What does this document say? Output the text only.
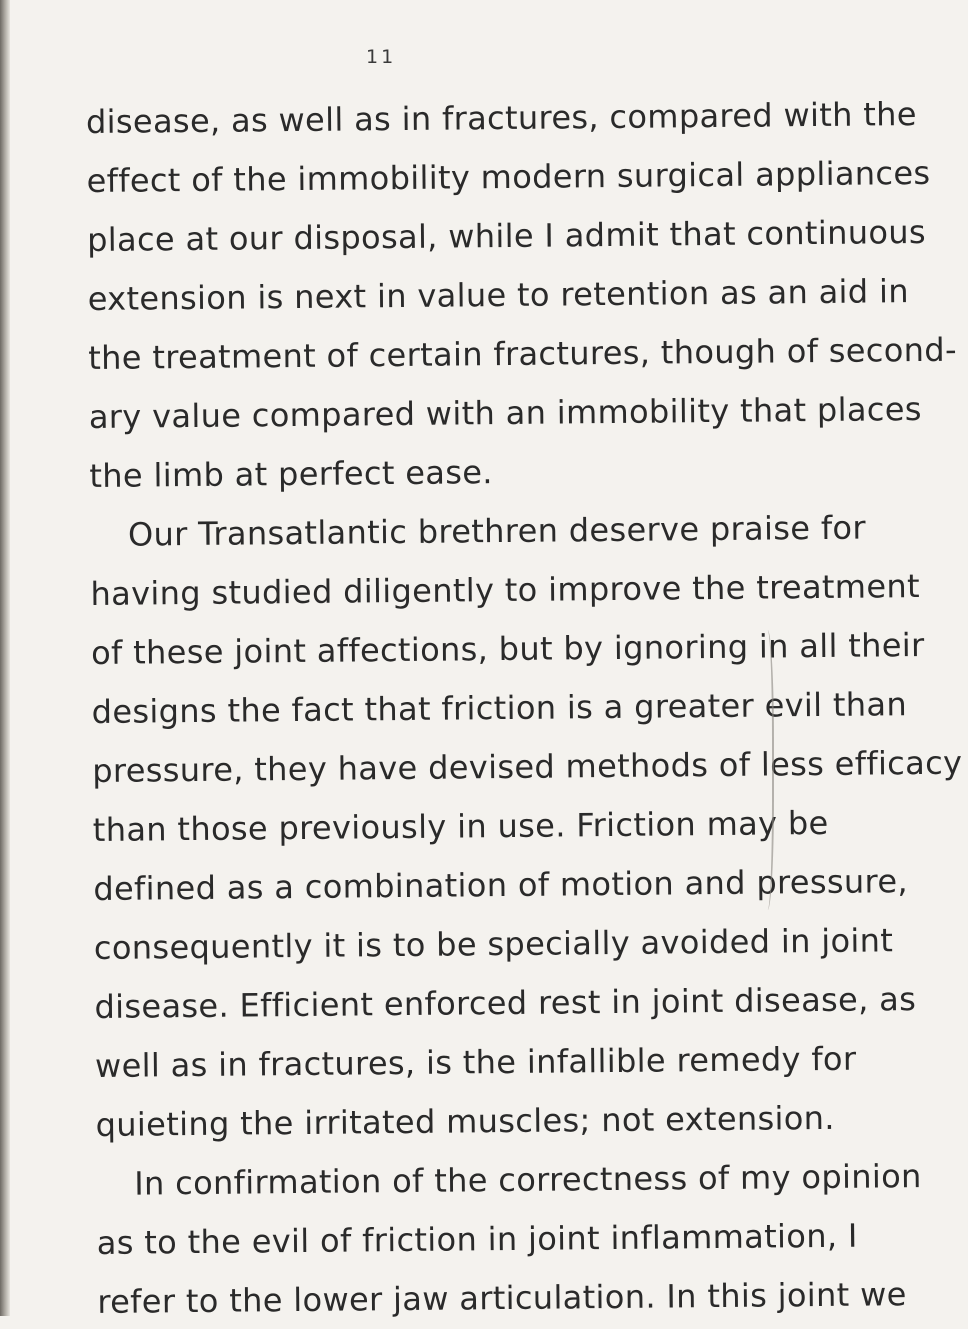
11
disease, as well as in fractures, compared with the
effect of the immobility modern surgical appliances
place at our disposal, while I admit that continuous
extension is next in value to retention as an aid in
the treatment of certain fractures, though of second-
ary value compared with an immobility that places
the limb at perfect ease.
Our Transatlantic brethren deserve praise for
having studied diligently to improve the treatment
of these joint affections, but by ignoring in all their
designs the fact that friction is a greater evil than
pressure, they have devised methods of less efficacy
than those previously in use. Friction may be
defined as a combination of motion and pressure,
consequently it is to be specially avoided in joint
disease. Efficient enforced rest in joint disease, as
well as in fractures, is the infallible remedy for
quieting the irritated muscles; not extension.
In confirmation of the correctness of my opinion
as to the evil of friction in joint inflammation, I
refer to the lower jaw articulation. In this joint we
